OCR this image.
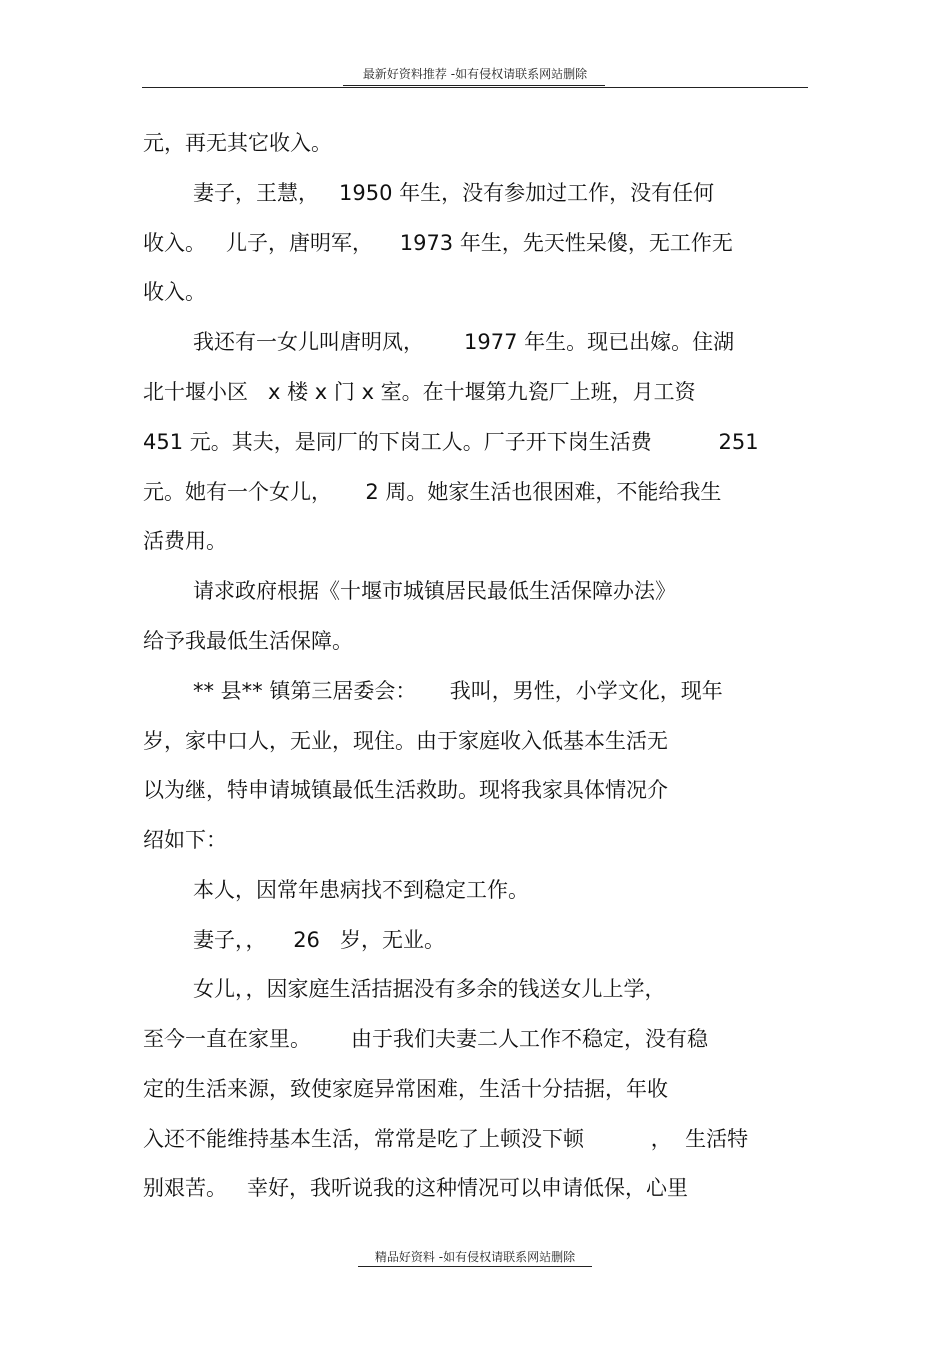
最新好资料推荐 -如有侵权请联系网站删除
元，再无其它收入。
妻子，王慧，   1950 年生，没有参加过工作，没有任何
收入。   儿子，唐明军，    1973 年生，先天性呆傻，无工作无
收入。
我还有一女儿叫唐明凤，      1977 年生。现已出嫁。住湖
北十堰小区   x 楼 x 门 x 室。在十堰第九瓷厂上班，月工资
451 元。其夫，是同厂的下岗工人。厂子开下岗生活费          251
元。她有一个女儿，     2 周。她家生活也很困难，不能给我生
活费用。
请求政府根据《十堰市城镇居民最低生活保障办法》
给予我最低生活保障。
** 县** 镇第三居委会：     我叫，男性，小学文化，现年
岁，家中口人，无业，现住。由于家庭收入低基本生活无
以为继，特申请城镇最低生活救助。现将我家具体情况介
绍如下：
本人，因常年患病找不到稳定工作。
妻子，，    26   岁，无业。
女儿，，因家庭生活拮据没有多余的钱送女儿上学，
至今一直在家里。      由于我们夫妻二人工作不稳定，没有稳
定的生活来源，致使家庭异常困难，生活十分拮据，年收
入还不能维持基本生活，常常是吃了上顿没下顿          ，  生活特
别艰苦。   幸好，我听说我的这种情况可以申请低保，心里
精品好资料 -如有侵权请联系网站删除
